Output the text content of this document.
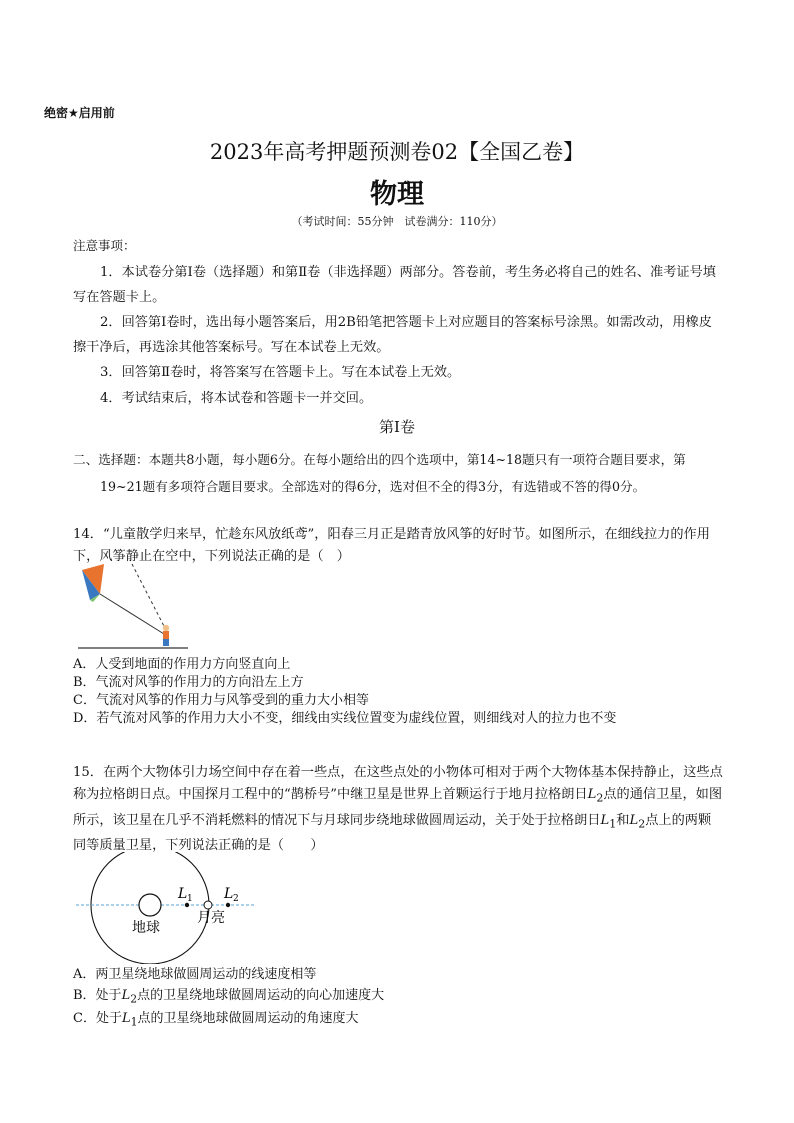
绝密★启用前
2023年高考押题预测卷02【全国乙卷】
物理
（考试时间：55分钟　试卷满分：110分）
注意事项：
1．本试卷分第Ⅰ卷（选择题）和第Ⅱ卷（非选择题）两部分。答卷前，考生务必将自己的姓名、准考证号填写在答题卡上。
2．回答第Ⅰ卷时，选出每小题答案后，用2B铅笔把答题卡上对应题目的答案标号涂黑。如需改动，用橡皮擦干净后，再选涂其他答案标号。写在本试卷上无效。
3．回答第Ⅱ卷时，将答案写在答题卡上。写在本试卷上无效。
4．考试结束后，将本试卷和答题卡一并交回。
第Ⅰ卷
二、选择题：本题共8小题，每小题6分。在每小题给出的四个选项中，第14~18题只有一项符合题目要求，第19~21题有多项符合题目要求。全部选对的得6分，选对但不全的得3分，有选错或不答的得0分。
14．“儿童散学归来早，忙趁东风放纸鸢”，阳春三月正是踏青放风筝的好时节。如图所示，在细线拉力的作用下，风筝静止在空中，下列说法正确的是（　）
A．人受到地面的作用力方向竖直向上
B．气流对风筝的作用力的方向沿左上方
C．气流对风筝的作用力与风筝受到的重力大小相等
D．若气流对风筝的作用力大小不变，细线由实线位置变为虚线位置，则细线对人的拉力也不变
15．在两个大物体引力场空间中存在着一些点，在这些点处的小物体可相对于两个大物体基本保持静止，这些点称为拉格朗日点。中国探月工程中的“鹊桥号”中继卫星是世界上首颗运行于地月拉格朗日$L_2$点的通信卫星，如图所示，该卫星在几乎不消耗燃料的情况下与月球同步绕地球做圆周运动，关于处于拉格朗日$L_1$和$L_2$点上的两颗同等质量卫星，下列说法正确的是（　　）
地球
月亮
L 1 L 2
A．两卫星绕地球做圆周运动的线速度相等
B．处于$L_2$点的卫星绕地球做圆周运动的向心加速度大
C．处于$L_1$点的卫星绕地球做圆周运动的角速度大
